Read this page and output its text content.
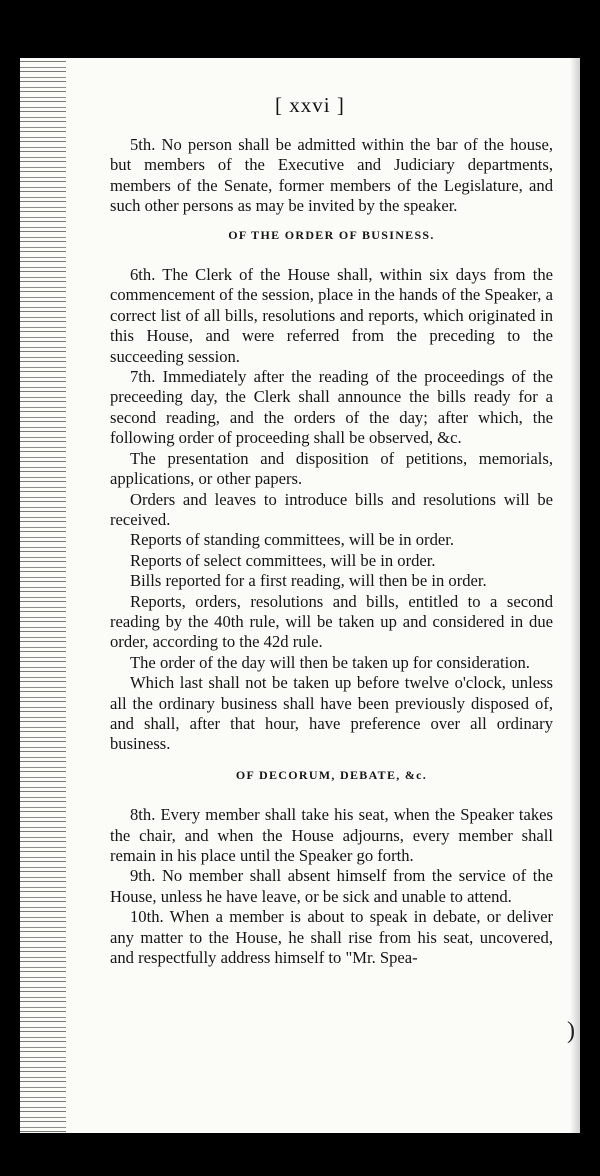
[ xxvi ]

5th. No person shall be admitted within the bar of the house, but members of the Executive and Judiciary departments, members of the Senate, former members of the Legislature, and such other persons as may be invited by the speaker.

OF THE ORDER OF BUSINESS.

6th. The Clerk of the House shall, within six days from the commencement of the session, place in the hands of the Speaker, a correct list of all bills, resolutions and reports, which originated in this House, and were referred from the preceding to the succeeding session.

7th. Immediately after the reading of the proceedings of the preceeding day, the Clerk shall announce the bills ready for a second reading, and the orders of the day; after which, the following order of proceeding shall be observed, &c.

The presentation and disposition of petitions, memorials, applications, or other papers.

Orders and leaves to introduce bills and resolutions will be received.

Reports of standing committees, will be in order.

Reports of select committees, will be in order.

Bills reported for a first reading, will then be in order.

Reports, orders, resolutions and bills, entitled to a second reading by the 40th rule, will be taken up and considered in due order, according to the 42d rule.

The order of the day will then be taken up for consideration.

Which last shall not be taken up before twelve o'clock, unless all the ordinary business shall have been previously disposed of, and shall, after that hour, have preference over all ordinary business.

OF DECORUM, DEBATE, &c.

8th. Every member shall take his seat, when the Speaker takes the chair, and when the House adjourns, every member shall remain in his place until the Speaker go forth.

9th. No member shall absent himself from the service of the House, unless he have leave, or be sick and unable to attend.

10th. When a member is about to speak in debate, or deliver any matter to the House, he shall rise from his seat, uncovered, and respectfully address himself to "Mr. Spea-

)
